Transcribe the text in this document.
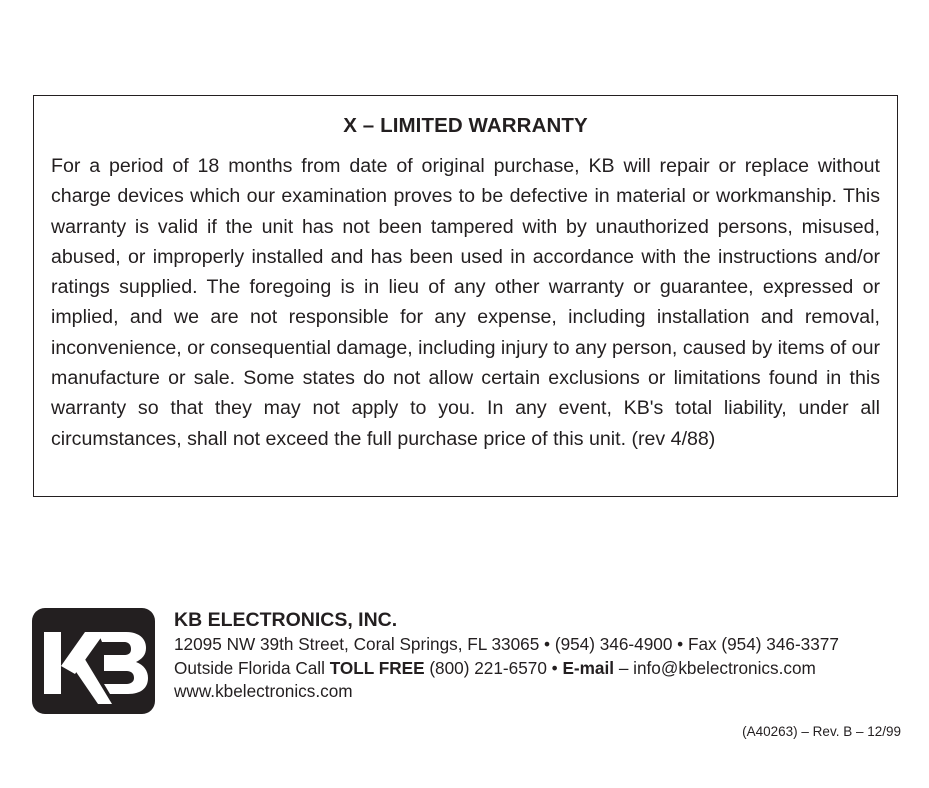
X – LIMITED WARRANTY

For a period of 18 months from date of original purchase, KB will repair or replace without charge devices which our examination proves to be defective in material or workmanship. This warranty is valid if the unit has not been tampered with by unauthorized persons, misused, abused, or improperly installed and has been used in accordance with the instructions and/or ratings supplied. The foregoing is in lieu of any other warranty or guarantee, expressed or implied, and we are not responsible for any expense, including installation and removal, inconvenience, or consequential damage, including injury to any person, caused by items of our manufacture or sale. Some states do not allow certain exclusions or limitations found in this warranty so that they may not apply to you. In any event, KB's total liability, under all circumstances, shall not exceed the full purchase price of this unit. (rev 4/88)

KB ELECTRONICS, INC.
12095 NW 39th Street, Coral Springs, FL 33065 • (954) 346-4900 • Fax (954) 346-3377
Outside Florida Call TOLL FREE (800) 221-6570 • E-mail – info@kbelectronics.com
www.kbelectronics.com
(A40263) – Rev. B – 12/99
